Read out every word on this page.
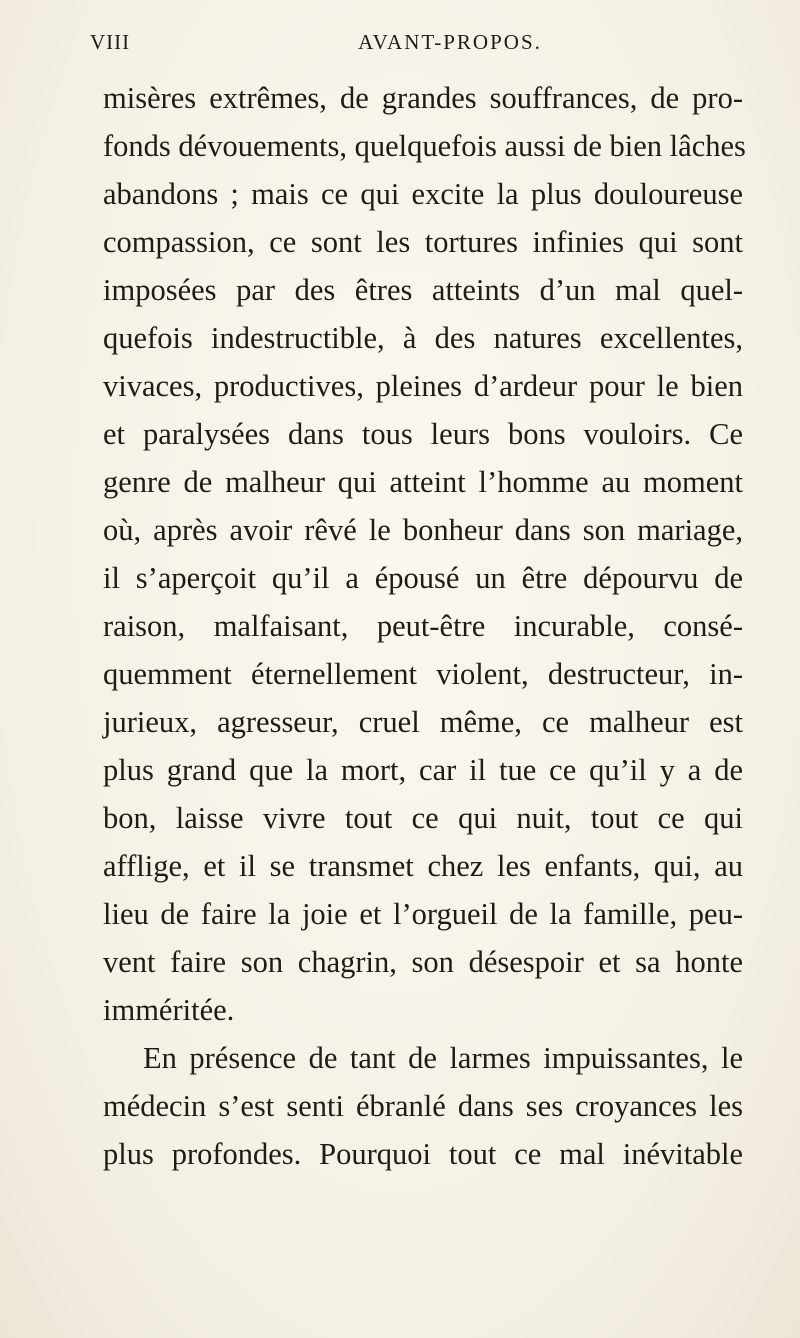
VIII	AVANT-PROPOS.
misères extrêmes, de grandes souffrances, de pro-
fonds dévouements, quelquefois aussi de bien lâches
abandons ; mais ce qui excite la plus douloureuse
compassion, ce sont les tortures infinies qui sont
imposées par des êtres atteints d’un mal quel-
quefois indestructible, à des natures excellentes,
vivaces, productives, pleines d’ardeur pour le bien
et paralysées dans tous leurs bons vouloirs. Ce
genre de malheur qui atteint l’homme au moment
où, après avoir rêvé le bonheur dans son mariage,
il s’aperçoit qu’il a épousé un être dépourvu de
raison, malfaisant, peut-être incurable, consé-
quemment éternellement violent, destructeur, in-
jurieux, agresseur, cruel même, ce malheur est
plus grand que la mort, car il tue ce qu’il y a de
bon, laisse vivre tout ce qui nuit, tout ce qui
afflige, et il se transmet chez les enfants, qui, au
lieu de faire la joie et l’orgueil de la famille, peu-
vent faire son chagrin, son désespoir et sa honte
imméritée.
En présence de tant de larmes impuissantes, le
médecin s’est senti ébranlé dans ses croyances les
plus profondes. Pourquoi tout ce mal inévitable
